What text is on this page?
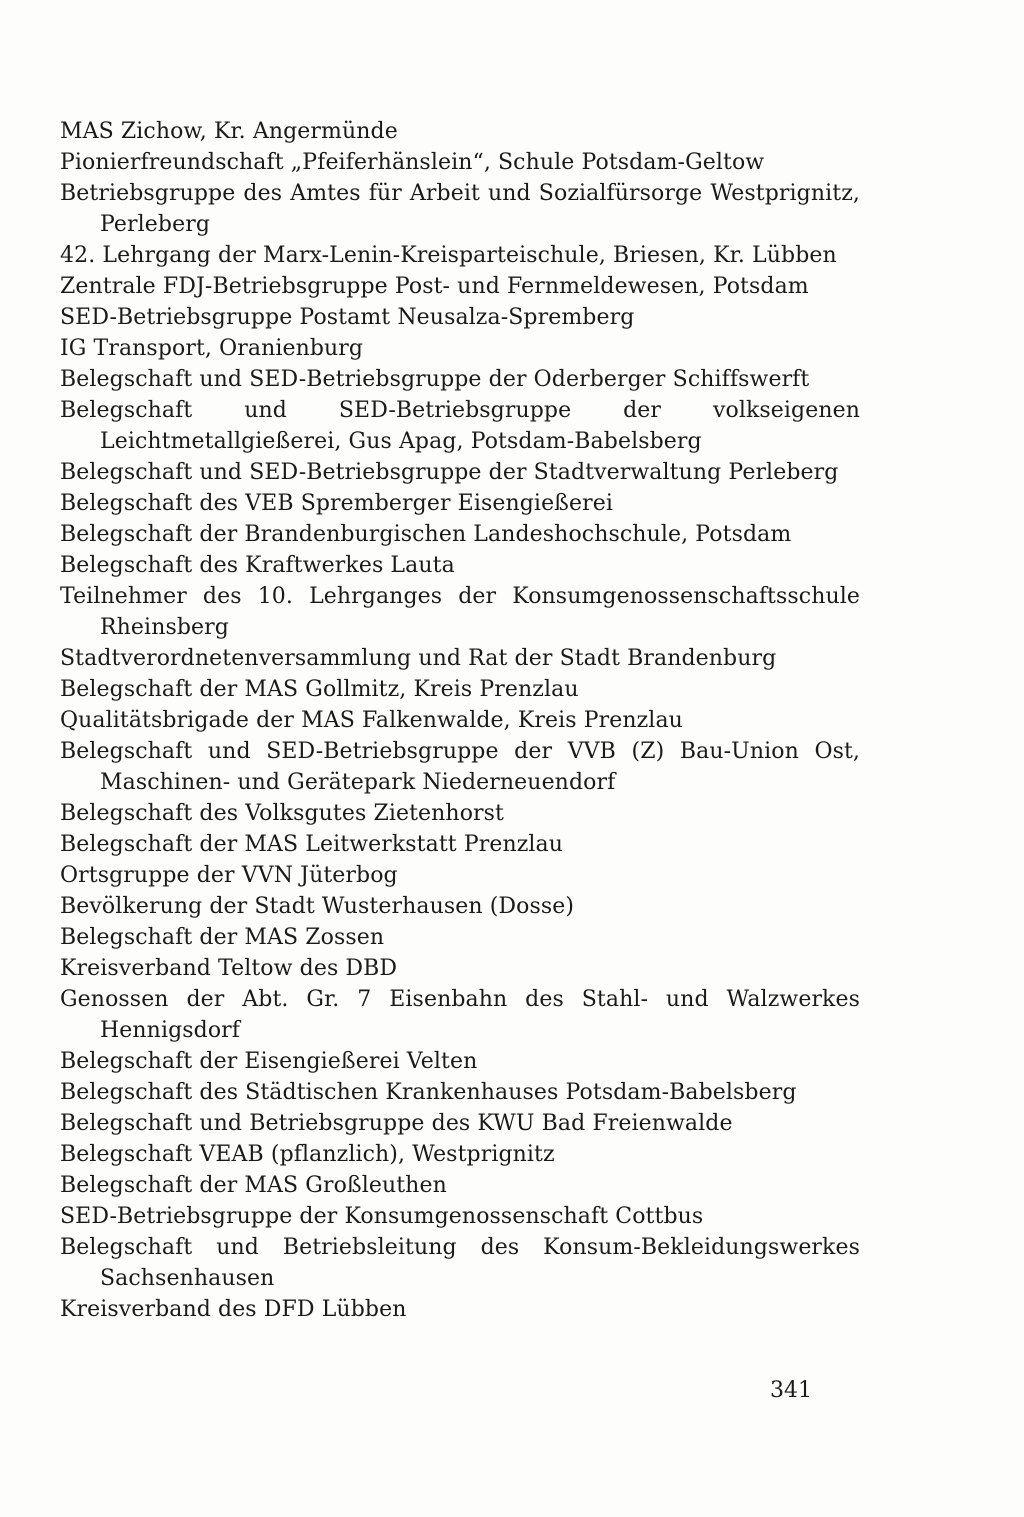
MAS Zichow, Kr. Angermünde
Pionierfreundschaft „Pfeiferhänslein“, Schule Potsdam-Geltow
Betriebsgruppe des Amtes für Arbeit und Sozialfürsorge Westprignitz, Perleberg
42. Lehrgang der Marx-Lenin-Kreisparteischule, Briesen, Kr. Lübben
Zentrale FDJ-Betriebsgruppe Post- und Fernmeldewesen, Potsdam
SED-Betriebsgruppe Postamt Neusalza-Spremberg
IG Transport, Oranienburg
Belegschaft und SED-Betriebsgruppe der Oderberger Schiffswerft
Belegschaft und SED-Betriebsgruppe der volkseigenen Leichtmetallgießerei, Gus Apag, Potsdam-Babelsberg
Belegschaft und SED-Betriebsgruppe der Stadtverwaltung Perleberg
Belegschaft des VEB Spremberger Eisengießerei
Belegschaft der Brandenburgischen Landeshochschule, Potsdam
Belegschaft des Kraftwerkes Lauta
Teilnehmer des 10. Lehrganges der Konsumgenossenschaftsschule Rheinsberg
Stadtverordnetenversammlung und Rat der Stadt Brandenburg
Belegschaft der MAS Gollmitz, Kreis Prenzlau
Qualitätsbrigade der MAS Falkenwalde, Kreis Prenzlau
Belegschaft und SED-Betriebsgruppe der VVB (Z) Bau-Union Ost, Maschinen- und Gerätepark Niederneuendorf
Belegschaft des Volksgutes Zietenhorst
Belegschaft der MAS Leitwerkstatt Prenzlau
Ortsgruppe der VVN Jüterbog
Bevölkerung der Stadt Wusterhausen (Dosse)
Belegschaft der MAS Zossen
Kreisverband Teltow des DBD
Genossen der Abt. Gr. 7 Eisenbahn des Stahl- und Walzwerkes Hennigsdorf
Belegschaft der Eisengießerei Velten
Belegschaft des Städtischen Krankenhauses Potsdam-Babelsberg
Belegschaft und Betriebsgruppe des KWU Bad Freienwalde
Belegschaft VEAB (pflanzlich), Westprignitz
Belegschaft der MAS Großleuthen
SED-Betriebsgruppe der Konsumgenossenschaft Cottbus
Belegschaft und Betriebsleitung des Konsum-Bekleidungswerkes Sachsenhausen
Kreisverband des DFD Lübben
341
